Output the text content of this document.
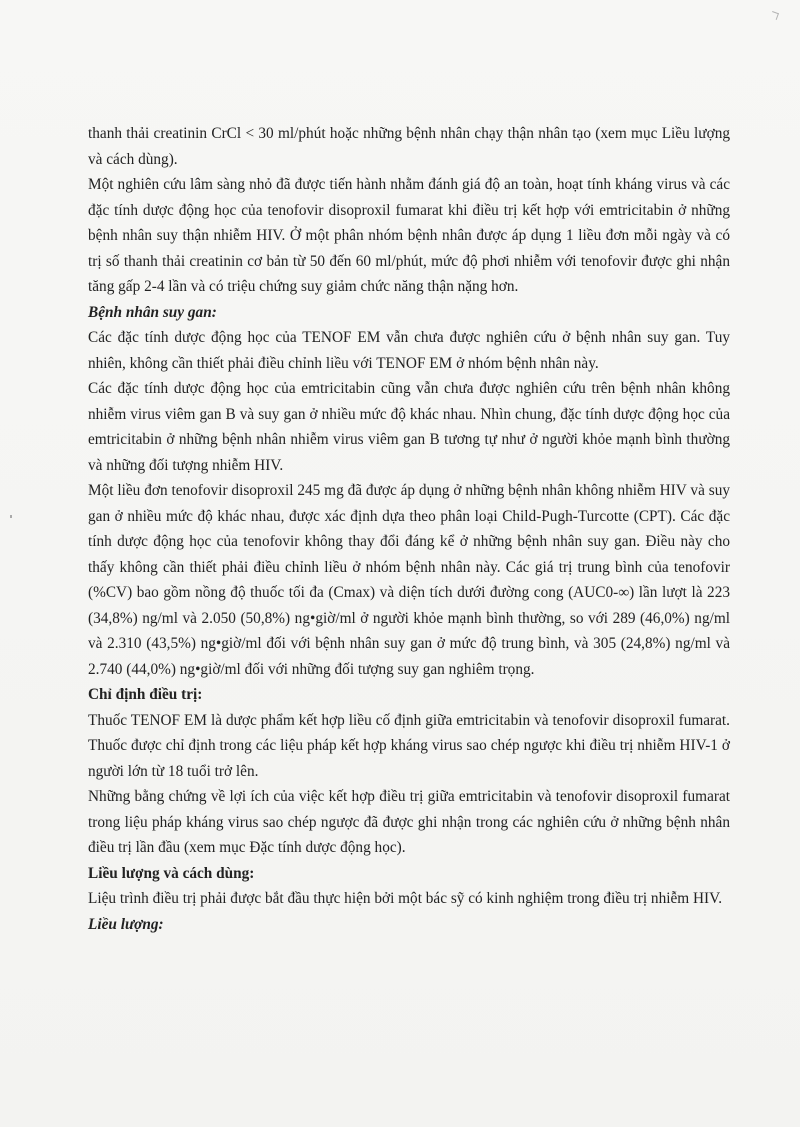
thanh thải creatinin CrCl < 30 ml/phút hoặc những bệnh nhân chạy thận nhân tạo (xem mục Liều lượng và cách dùng).

Một nghiên cứu lâm sàng nhỏ đã được tiến hành nhằm đánh giá độ an toàn, hoạt tính kháng virus và các đặc tính dược động học của tenofovir disoproxil fumarat khi điều trị kết hợp với emtricitabin ở những bệnh nhân suy thận nhiễm HIV. Ở một phân nhóm bệnh nhân được áp dụng 1 liều đơn mỗi ngày và có trị số thanh thải creatinin cơ bản từ 50 đến 60 ml/phút, mức độ phơi nhiễm với tenofovir được ghi nhận tăng gấp 2-4 lần và có triệu chứng suy giảm chức năng thận nặng hơn.

Bệnh nhân suy gan:

Các đặc tính dược động học của TENOF EM vẫn chưa được nghiên cứu ở bệnh nhân suy gan. Tuy nhiên, không cần thiết phải điều chỉnh liều với TENOF EM ở nhóm bệnh nhân này.

Các đặc tính dược động học của emtricitabin cũng vẫn chưa được nghiên cứu trên bệnh nhân không nhiễm virus viêm gan B và suy gan ở nhiều mức độ khác nhau. Nhìn chung, đặc tính dược động học của emtricitabin ở những bệnh nhân nhiễm virus viêm gan B tương tự như ở người khỏe mạnh bình thường và những đối tượng nhiễm HIV.

Một liều đơn tenofovir disoproxil 245 mg đã được áp dụng ở những bệnh nhân không nhiễm HIV và suy gan ở nhiều mức độ khác nhau, được xác định dựa theo phân loại Child-Pugh-Turcotte (CPT). Các đặc tính dược động học của tenofovir không thay đổi đáng kể ở những bệnh nhân suy gan. Điều này cho thấy không cần thiết phải điều chỉnh liều ở nhóm bệnh nhân này. Các giá trị trung bình của tenofovir (%CV) bao gồm nồng độ thuốc tối đa (Cmax) và diện tích dưới đường cong (AUC0-∞) lần lượt là 223 (34,8%) ng/ml và 2.050 (50,8%) ng•giờ/ml ở người khỏe mạnh bình thường, so với 289 (46,0%) ng/ml và 2.310 (43,5%) ng•giờ/ml đối với bệnh nhân suy gan ở mức độ trung bình, và 305 (24,8%) ng/ml và 2.740 (44,0%) ng•giờ/ml đối với những đối tượng suy gan nghiêm trọng.

Chỉ định điều trị:

Thuốc TENOF EM là dược phẩm kết hợp liều cố định giữa emtricitabin và tenofovir disoproxil fumarat. Thuốc được chỉ định trong các liệu pháp kết hợp kháng virus sao chép ngược khi điều trị nhiễm HIV-1 ở người lớn từ 18 tuổi trở lên.

Những bằng chứng về lợi ích của việc kết hợp điều trị giữa emtricitabin và tenofovir disoproxil fumarat trong liệu pháp kháng virus sao chép ngược đã được ghi nhận trong các nghiên cứu ở những bệnh nhân điều trị lần đầu (xem mục Đặc tính dược động học).

Liều lượng và cách dùng:

Liệu trình điều trị phải được bắt đầu thực hiện bởi một bác sỹ có kinh nghiệm trong điều trị nhiễm HIV.

Liều lượng:
